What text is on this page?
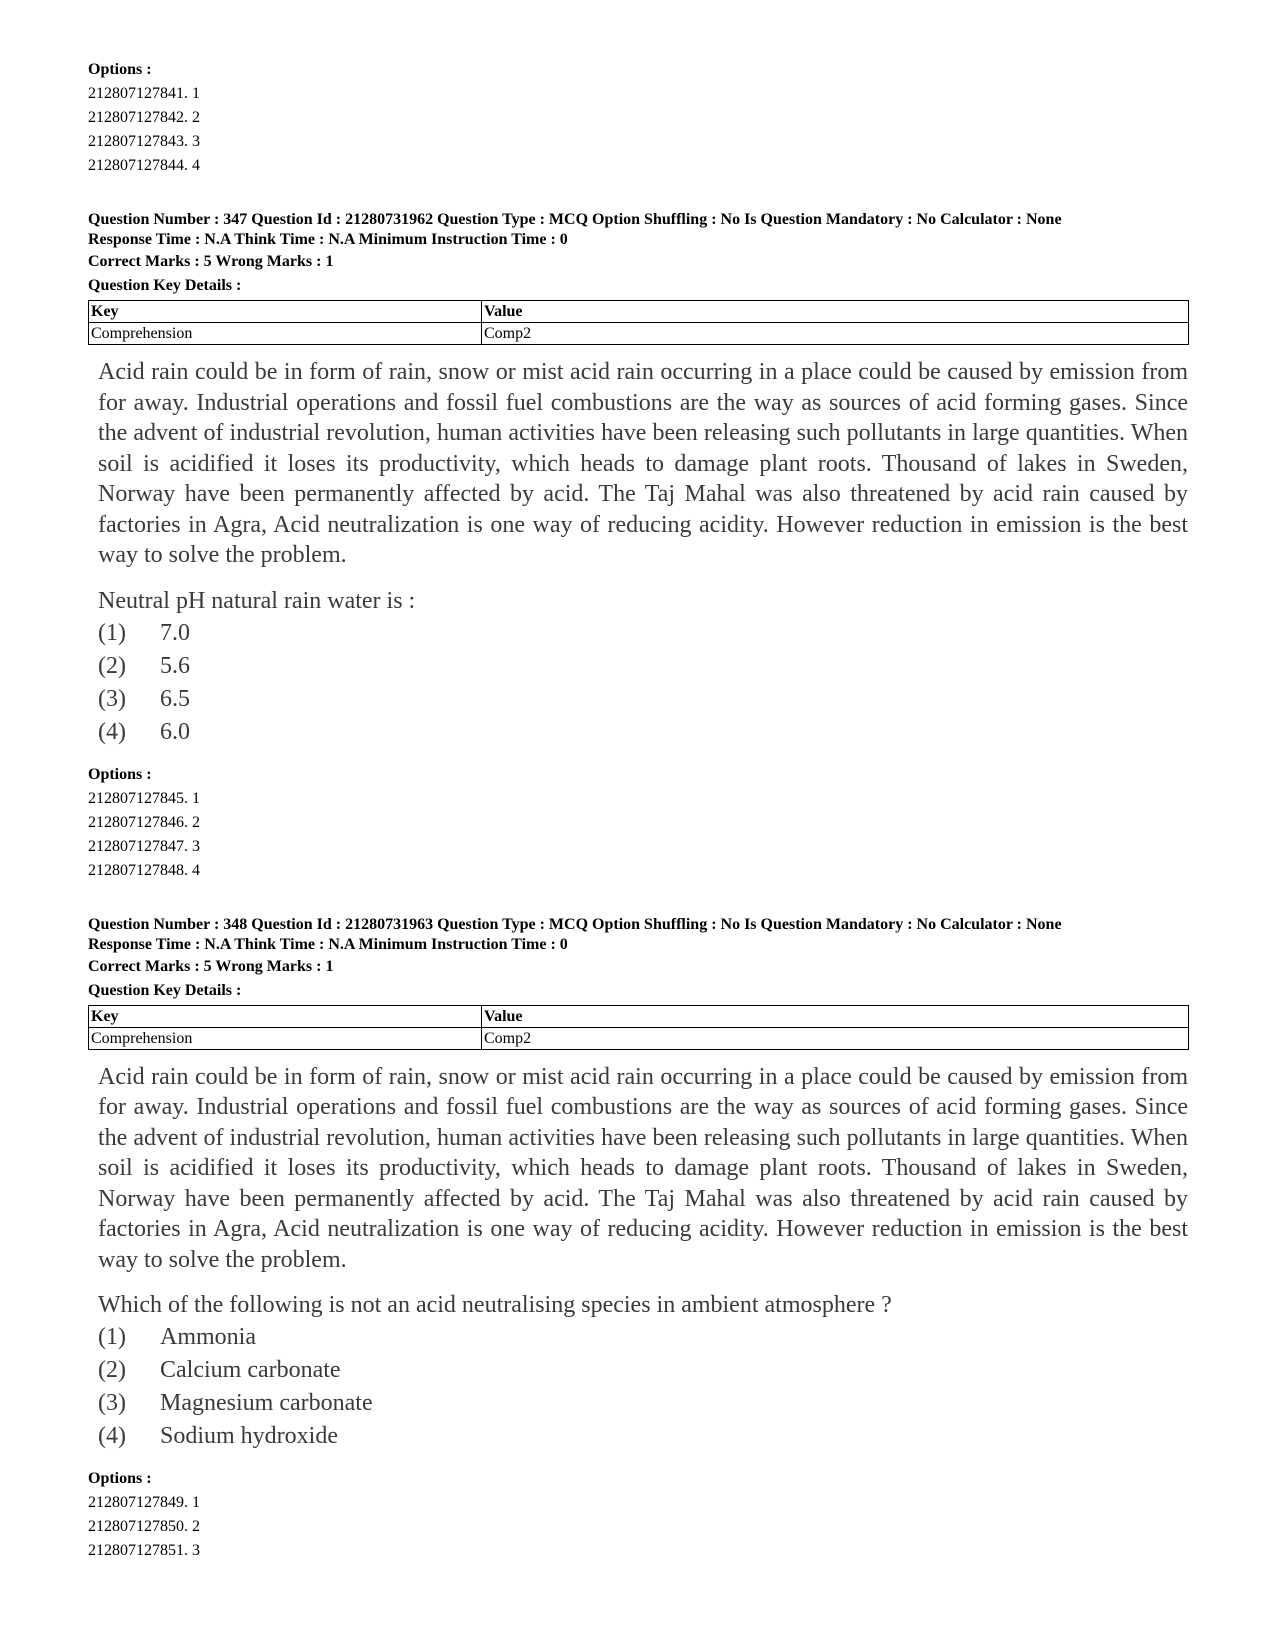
Options :
212807127841. 1
212807127842. 2
212807127843. 3
212807127844. 4
Question Number : 347 Question Id : 21280731962 Question Type : MCQ Option Shuffling : No Is Question Mandatory : No Calculator : None
Response Time : N.A Think Time : N.A Minimum Instruction Time : 0
Correct Marks : 5 Wrong Marks : 1
Question Key Details :
Key	Value
Comprehension	Comp2
Acid rain could be in form of rain, snow or mist acid rain occurring in a place could be caused by emission from for away. Industrial operations and fossil fuel combustions are the way as sources of acid forming gases. Since the advent of industrial revolution, human activities have been releasing such pollutants in large quantities. When soil is acidified it loses its productivity, which heads to damage plant roots. Thousand of lakes in Sweden, Norway have been permanently affected by acid. The Taj Mahal was also threatened by acid rain caused by factories in Agra, Acid neutralization is one way of reducing acidity. However reduction in emission is the best way to solve the problem.
Neutral pH natural rain water is :
(1)	7.0
(2)	5.6
(3)	6.5
(4)	6.0
Options :
212807127845. 1
212807127846. 2
212807127847. 3
212807127848. 4
Question Number : 348 Question Id : 21280731963 Question Type : MCQ Option Shuffling : No Is Question Mandatory : No Calculator : None
Response Time : N.A Think Time : N.A Minimum Instruction Time : 0
Correct Marks : 5 Wrong Marks : 1
Question Key Details :
Key	Value
Comprehension	Comp2
Acid rain could be in form of rain, snow or mist acid rain occurring in a place could be caused by emission from for away. Industrial operations and fossil fuel combustions are the way as sources of acid forming gases. Since the advent of industrial revolution, human activities have been releasing such pollutants in large quantities. When soil is acidified it loses its productivity, which heads to damage plant roots. Thousand of lakes in Sweden, Norway have been permanently affected by acid. The Taj Mahal was also threatened by acid rain caused by factories in Agra, Acid neutralization is one way of reducing acidity. However reduction in emission is the best way to solve the problem.
Which of the following is not an acid neutralising species in ambient atmosphere ?
(1)	Ammonia
(2)	Calcium carbonate
(3)	Magnesium carbonate
(4)	Sodium hydroxide
Options :
212807127849. 1
212807127850. 2
212807127851. 3
